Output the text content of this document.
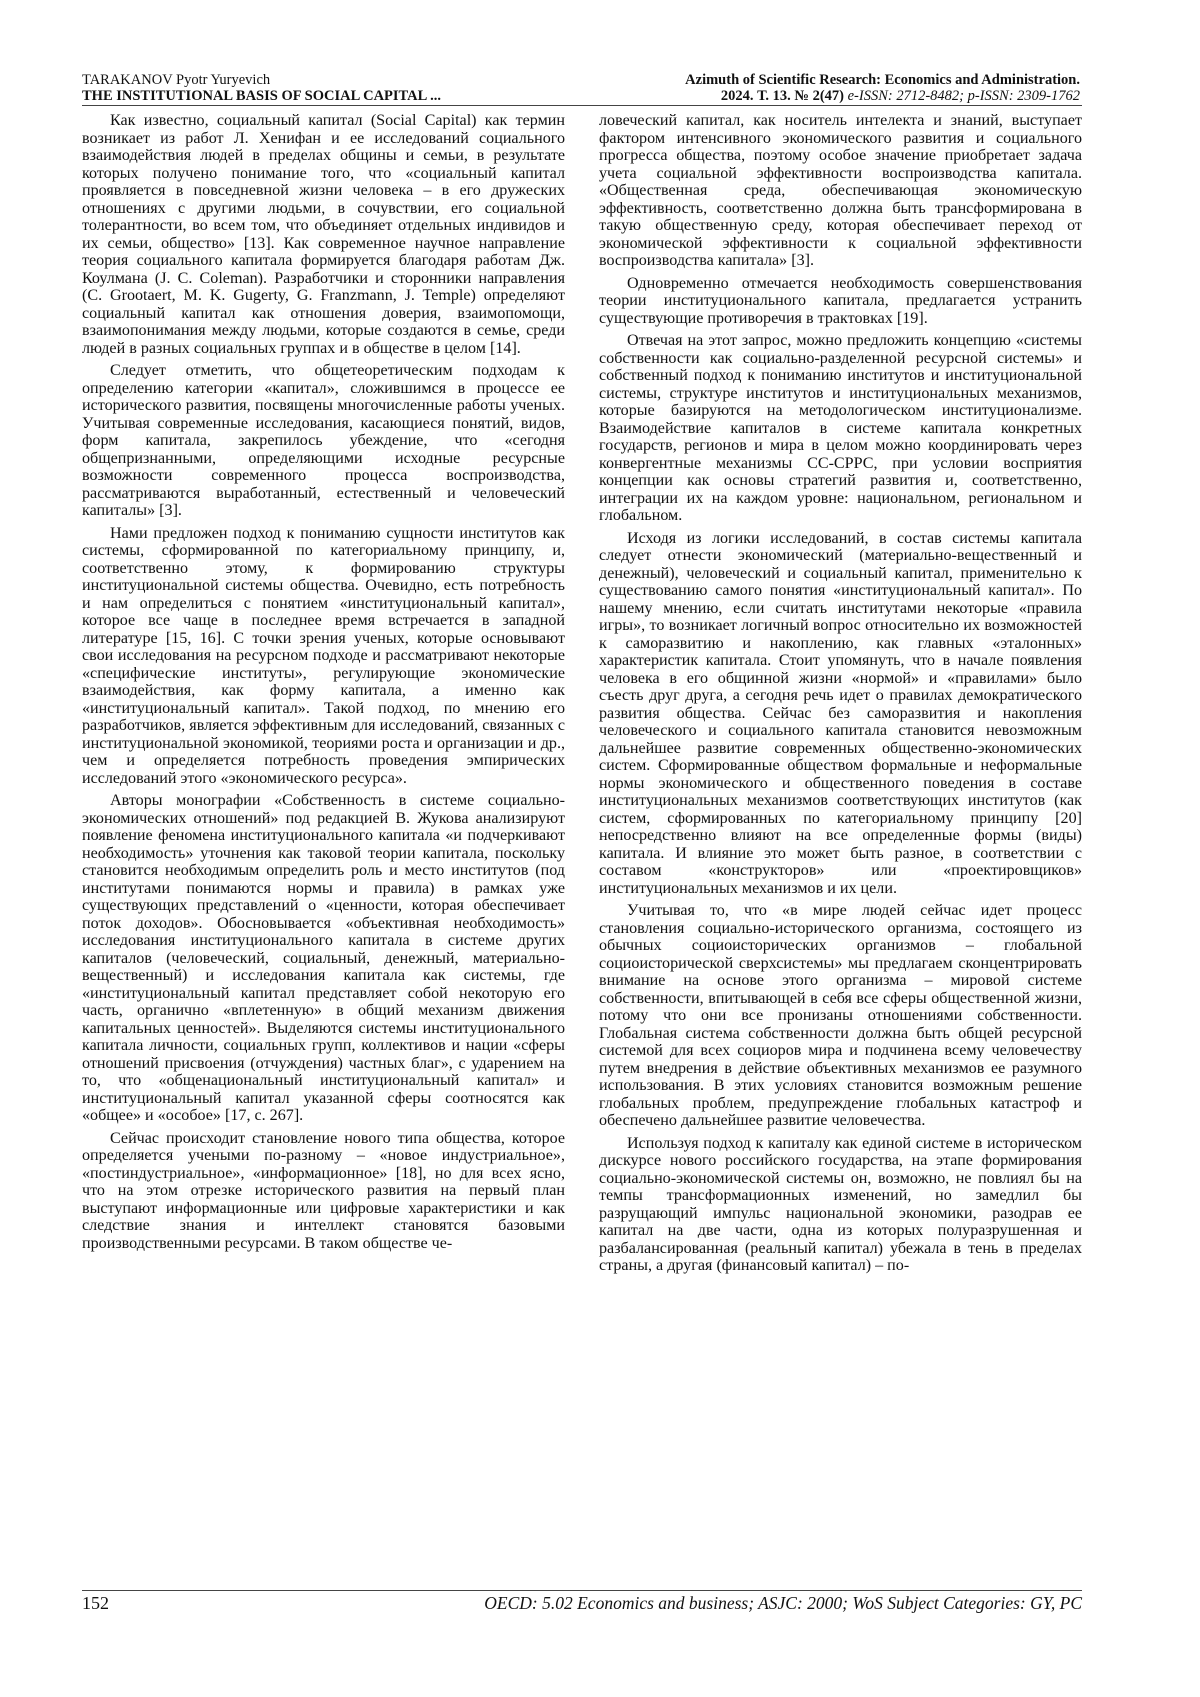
TARAKANOV Pyotr Yuryevich
THE INSTITUTIONAL BASIS OF SOCIAL CAPITAL ...
Azimuth of Scientific Research: Economics and Administration.
2024. Т. 13. № 2(47) e-ISSN: 2712-8482; p-ISSN: 2309-1762

Как известно, социальный капитал (Social Capital) как термин возникает из работ Л. Хенифан и ее исследований социального взаимодействия людей в пределах общины и семьи, в результате которых получено понимание того, что «социальный капитал проявляется в повседневной жизни человека – в его дружеских отношениях с другими людьми, в сочувствии, его социальной толерантности, во всем том, что объединяет отдельных индивидов и их семьи, общество» [13]. Как современное научное направление теория социального капитала формируется благодаря работам Дж. Коулмана (J. C. Coleman). Разработчики и сторонники направления (C. Grootaert, M. K. Gugerty, G. Franzmann, J. Temple) определяют социальный капитал как отношения доверия, взаимопомощи, взаимопонимания между людьми, которые создаются в семье, среди людей в разных социальных группах и в обществе в целом [14].

Следует отметить, что общетеоретическим подходам к определению категории «капитал», сложившимся в процессе ее исторического развития, посвящены многочисленные работы ученых. Учитывая современные исследования, касающиеся понятий, видов, форм капитала, закрепилось убеждение, что «сегодня общепризнанными, определяющими исходные ресурсные возможности современного процесса воспроизводства, рассматриваются выработанный, естественный и человеческий капиталы» [3].

Нами предложен подход к пониманию сущности институтов как системы, сформированной по категориальному принципу, и, соответственно этому, к формированию структуры институциональной системы общества. Очевидно, есть потребность и нам определиться с понятием «институциональный капитал», которое все чаще в последнее время встречается в западной литературе [15, 16]. С точки зрения ученых, которые основывают свои исследования на ресурсном подходе и рассматривают некоторые «специфические институты», регулирующие экономические взаимодействия, как форму капитала, а именно как «институциональный капитал». Такой подход, по мнению его разработчиков, является эффективным для исследований, связанных с институциональной экономикой, теориями роста и организации и др., чем и определяется потребность проведения эмпирических исследований этого «экономического ресурса».

Авторы монографии «Собственность в системе социально-экономических отношений» под редакцией В. Жукова анализируют появление феномена институционального капитала «и подчеркивают необходимость» уточнения как таковой теории капитала, поскольку становится необходимым определить роль и место институтов (под институтами понимаются нормы и правила) в рамках уже существующих представлений о «ценности, которая обеспечивает поток доходов». Обосновывается «объективная необходимость» исследования институционального капитала в системе других капиталов (человеческий, социальный, денежный, материально-вещественный) и исследования капитала как системы, где «институциональный капитал представляет собой некоторую его часть, органично «вплетенную» в общий механизм движения капитальных ценностей». Выделяются системы институционального капитала личности, социальных групп, коллективов и нации «сферы отношений присвоения (отчуждения) частных благ», с ударением на то, что «общенациональный институциональный капитал» и институциональный капитал указанной сферы соотносятся как «общее» и «особое» [17, с. 267].

Сейчас происходит становление нового типа общества, которое определяется учеными по-разному – «новое индустриальное», «постиндустриальное», «информационное» [18], но для всех ясно, что на этом отрезке исторического развития на первый план выступают информационные или цифровые характеристики и как следствие знания и интеллект становятся базовыми производственными ресурсами. В таком обществе че-

ловеческий капитал, как носитель интелекта и знаний, выступает фактором интенсивного экономического развития и социального прогресса общества, поэтому особое значение приобретает задача учета социальной эффективности воспроизводства капитала. «Общественная среда, обеспечивающая экономическую эффективность, соответственно должна быть трансформирована в такую общественную среду, которая обеспечивает переход от экономической эффективности к социальной эффективности воспроизводства капитала» [3].

Одновременно отмечается необходимость совершенствования теории институционального капитала, предлагается устранить существующие противоречия в трактовках [19].

Отвечая на этот запрос, можно предложить концепцию «системы собственности как социально-разделенной ресурсной системы» и собственный подход к пониманию институтов и институциональной системы, структуре институтов и институциональных механизмов, которые базируются на методологическом институционализме. Взаимодействие капиталов в системе капитала конкретных государств, регионов и мира в целом можно координировать через конвергентные механизмы СС-СРРС, при условии восприятия концепции как основы стратегий развития и, соответственно, интеграции их на каждом уровне: национальном, региональном и глобальном.

Исходя из логики исследований, в состав системы капитала следует отнести экономический (материально-вещественный и денежный), человеческий и социальный капитал, применительно к существованию самого понятия «институциональный капитал». По нашему мнению, если считать институтами некоторые «правила игры», то возникает логичный вопрос относительно их возможностей к саморазвитию и накоплению, как главных «эталонных» характеристик капитала. Стоит упомянуть, что в начале появления человека в его общинной жизни «нормой» и «правилами» было съесть друг друга, а сегодня речь идет о правилах демократического развития общества. Сейчас без саморазвития и накопления человеческого и социального капитала становится невозможным дальнейшее развитие современных общественно-экономических систем. Сформированные обществом формальные и неформальные нормы экономического и общественного поведения в составе институциональных механизмов соответствующих институтов (как систем, сформированных по категориальному принципу [20] непосредственно влияют на все определенные формы (виды) капитала. И влияние это может быть разное, в соответствии с составом «конструкторов» или «проектировщиков» институциональных механизмов и их цели.

Учитывая то, что «в мире людей сейчас идет процесс становления социально-исторического организма, состоящего из обычных социоисторических организмов – глобальной социоисторической сверхсистемы» мы предлагаем сконцентрировать внимание на основе этого организма – мировой системе собственности, впитывающей в себя все сферы общественной жизни, потому что они все пронизаны отношениями собственности. Глобальная система собственности должна быть общей ресурсной системой для всех социоров мира и подчинена всему человечеству путем внедрения в действие объективных механизмов ее разумного использования. В этих условиях становится возможным решение глобальных проблем, предупреждение глобальных катастроф и обеспечено дальнейшее развитие человечества.

Используя подход к капиталу как единой системе в историческом дискурсе нового российского государства, на этапе формирования социально-экономической системы он, возможно, не повлиял бы на темпы трансформационных изменений, но замедлил бы разрущающий импульс национальной экономики, разодрав ее капитал на две части, одна из которых полуразрушенная и разбалансированная (реальный капитал) убежала в тень в пределах страны, а другая (финансовый капитал) – по-

152	OECD: 5.02 Economics and business; ASJC: 2000; WoS Subject Categories: GY, PC
